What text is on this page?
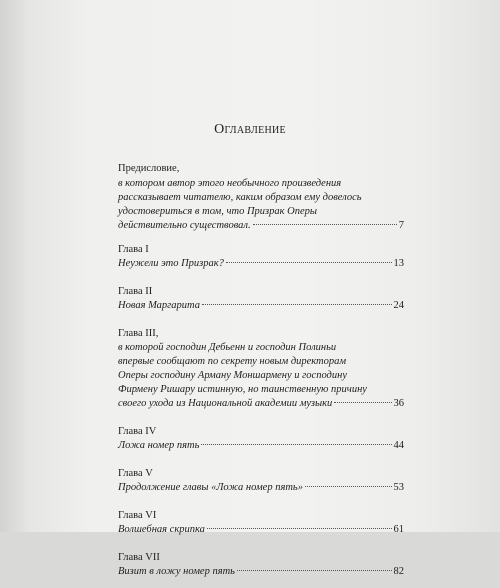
Оглавление
Предисловие,
в котором автор этого необычного произведения
рассказывает читателю, каким образом ему довелось
удостовериться в том, что Призрак Оперы
действительно существовал.	7
Глава I
Неужели это Призрак?	13
Глава II
Новая Маргарита	24
Глава III,
в которой господин Дебьенн и господин Полиньи
впервые сообщают по секрету новым директорам
Оперы господину Арману Моншармену и господину
Фирмену Ришару истинную, но таинственную причину
своего ухода из Национальной академии музыки	36
Глава IV
Ложа номер пять	44
Глава V
Продолжение главы «Ложа номер пять»	53
Глава VI
Волшебная скрипка	61
Глава VII
Визит в ложу номер пять	82
